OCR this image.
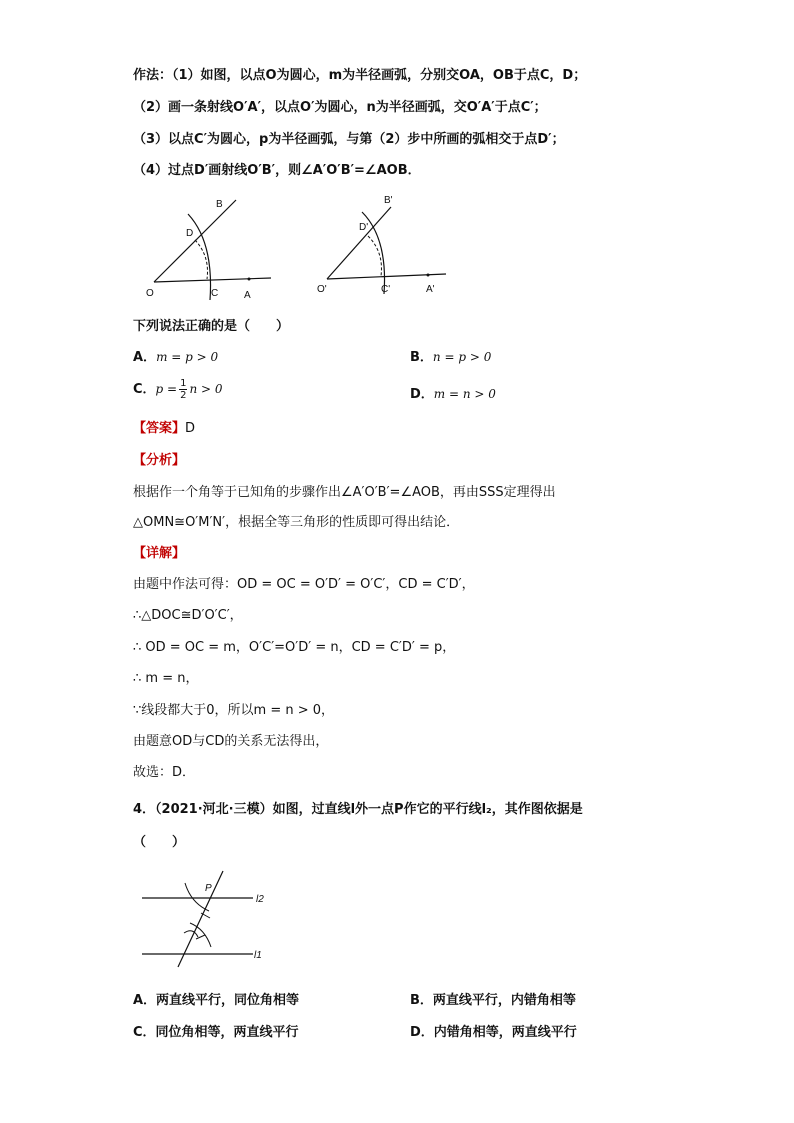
作法：（1）如图，以点O为圆心，m为半径画弧，分别交OA，OB于点C，D；
（2）画一条射线O′A′，以点O′为圆心，n为半径画弧，交O′A′于点C′；
（3）以点C′为圆心，p为半径画弧，与第（2）步中所画的弧相交于点D′；
（4）过点D′画射线O′B′，则∠A′O′B′=∠AOB．
B
D
O	C	A
B'
D'
O'	C'	A'
下列说法正确的是（　　）
A．m = p > 0	B．n = p > 0
C．$p = \frac{1}{2}$ n > 0	D．m = n > 0
【答案】D
【分析】
根据作一个角等于已知角的步骤作出∠A′O′B′=∠AOB，再由SSS定理得出
△OMN≅O′M′N′，根据全等三角形的性质即可得出结论．
【详解】
由题中作法可得：OD = OC = O′D′ = O′C′，CD = C′D′，
∴△DOC≅D′O′C′，
∴ OD = OC = m，O′C′=O′D′ = n，CD = C′D′ = p，
∴ m = n，
∵线段都大于0，所以m = n > 0，
由题意OD与CD的关系无法得出，
故选：D．
4．（2021·河北·三模）如图，过直线l外一点P作它的平行线l₂，其作图依据是
（　　）
P
l2
l1
A．两直线平行，同位角相等	B．两直线平行，内错角相等
C．同位角相等，两直线平行	D．内错角相等，两直线平行
